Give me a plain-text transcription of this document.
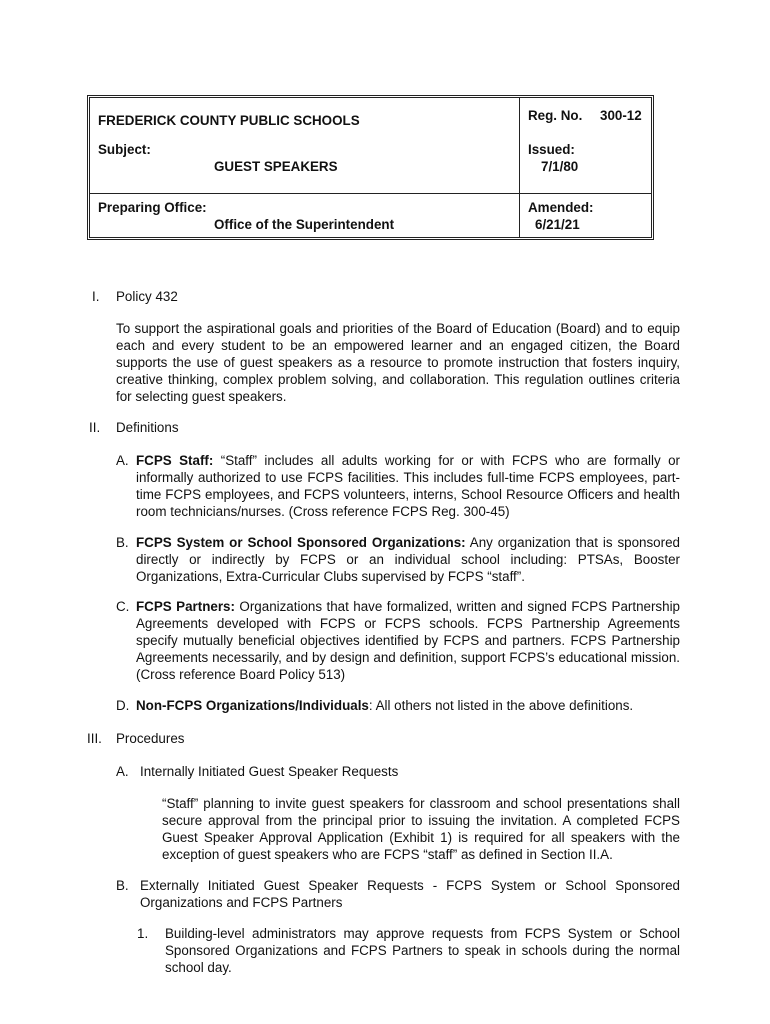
FREDERICK COUNTY PUBLIC SCHOOLS	Reg. No. 300-12
Subject:
GUEST SPEAKERS
Issued:
7/1/80
Preparing Office:
Office of the Superintendent
Amended:
6/21/21
I. Policy 432
To support the aspirational goals and priorities of the Board of Education (Board) and to equip each and every student to be an empowered learner and an engaged citizen, the Board supports the use of guest speakers as a resource to promote instruction that fosters inquiry, creative thinking, complex problem solving, and collaboration. This regulation outlines criteria for selecting guest speakers.
II. Definitions
A. FCPS Staff: “Staff” includes all adults working for or with FCPS who are formally or informally authorized to use FCPS facilities. This includes full-time FCPS employees, part-time FCPS employees, and FCPS volunteers, interns, School Resource Officers and health room technicians/nurses. (Cross reference FCPS Reg. 300-45)
B. FCPS System or School Sponsored Organizations: Any organization that is sponsored directly or indirectly by FCPS or an individual school including: PTSAs, Booster Organizations, Extra-Curricular Clubs supervised by FCPS “staff”.
C. FCPS Partners: Organizations that have formalized, written and signed FCPS Partnership Agreements developed with FCPS or FCPS schools. FCPS Partnership Agreements specify mutually beneficial objectives identified by FCPS and partners. FCPS Partnership Agreements necessarily, and by design and definition, support FCPS’s educational mission. (Cross reference Board Policy 513)
D. Non-FCPS Organizations/Individuals: All others not listed in the above definitions.
III. Procedures
A. Internally Initiated Guest Speaker Requests
“Staff” planning to invite guest speakers for classroom and school presentations shall secure approval from the principal prior to issuing the invitation. A completed FCPS Guest Speaker Approval Application (Exhibit 1) is required for all speakers with the exception of guest speakers who are FCPS “staff” as defined in Section II.A.
B. Externally Initiated Guest Speaker Requests - FCPS System or School Sponsored Organizations and FCPS Partners
1. Building-level administrators may approve requests from FCPS System or School Sponsored Organizations and FCPS Partners to speak in schools during the normal school day.
